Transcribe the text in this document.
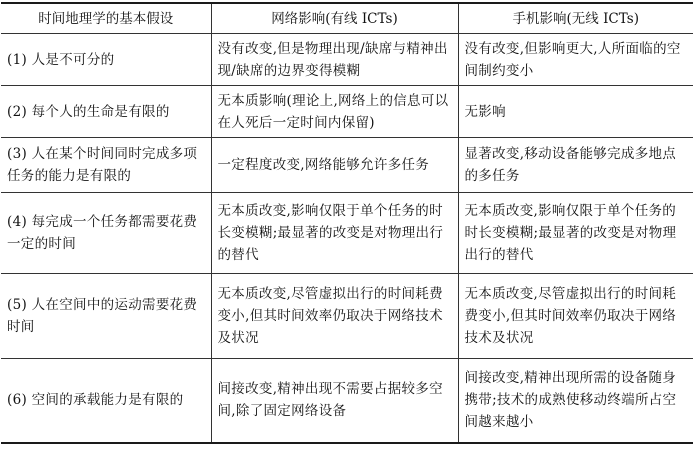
时间地理学的基本假设	网络影响(有线 ICTs)	手机影响(无线 ICTs)
(1) 人是不可分的	没有改变,但是物理出现/缺席与精神出现/缺席的边界变得模糊	没有改变,但影响更大,人所面临的空间制约变小
(2) 每个人的生命是有限的	无本质影响(理论上,网络上的信息可以在人死后一定时间内保留)	无影响
(3) 人在某个时间同时完成多项任务的能力是有限的	一定程度改变,网络能够允许多任务	显著改变,移动设备能够完成多地点的多任务
(4) 每完成一个任务都需要花费一定的时间	无本质改变,影响仅限于单个任务的时长变模糊;最显著的改变是对物理出行的替代	无本质改变,影响仅限于单个任务的时长变模糊;最显著的改变是对物理出行的替代
(5) 人在空间中的运动需要花费时间	无本质改变,尽管虚拟出行的时间耗费变小,但其时间效率仍取决于网络技术及状况	无本质改变,尽管虚拟出行的时间耗费变小,但其时间效率仍取决于网络技术及状况
(6) 空间的承载能力是有限的	间接改变,精神出现不需要占据较多空间,除了固定网络设备	间接改变,精神出现所需的设备随身携带;技术的成熟使移动终端所占空间越来越小
